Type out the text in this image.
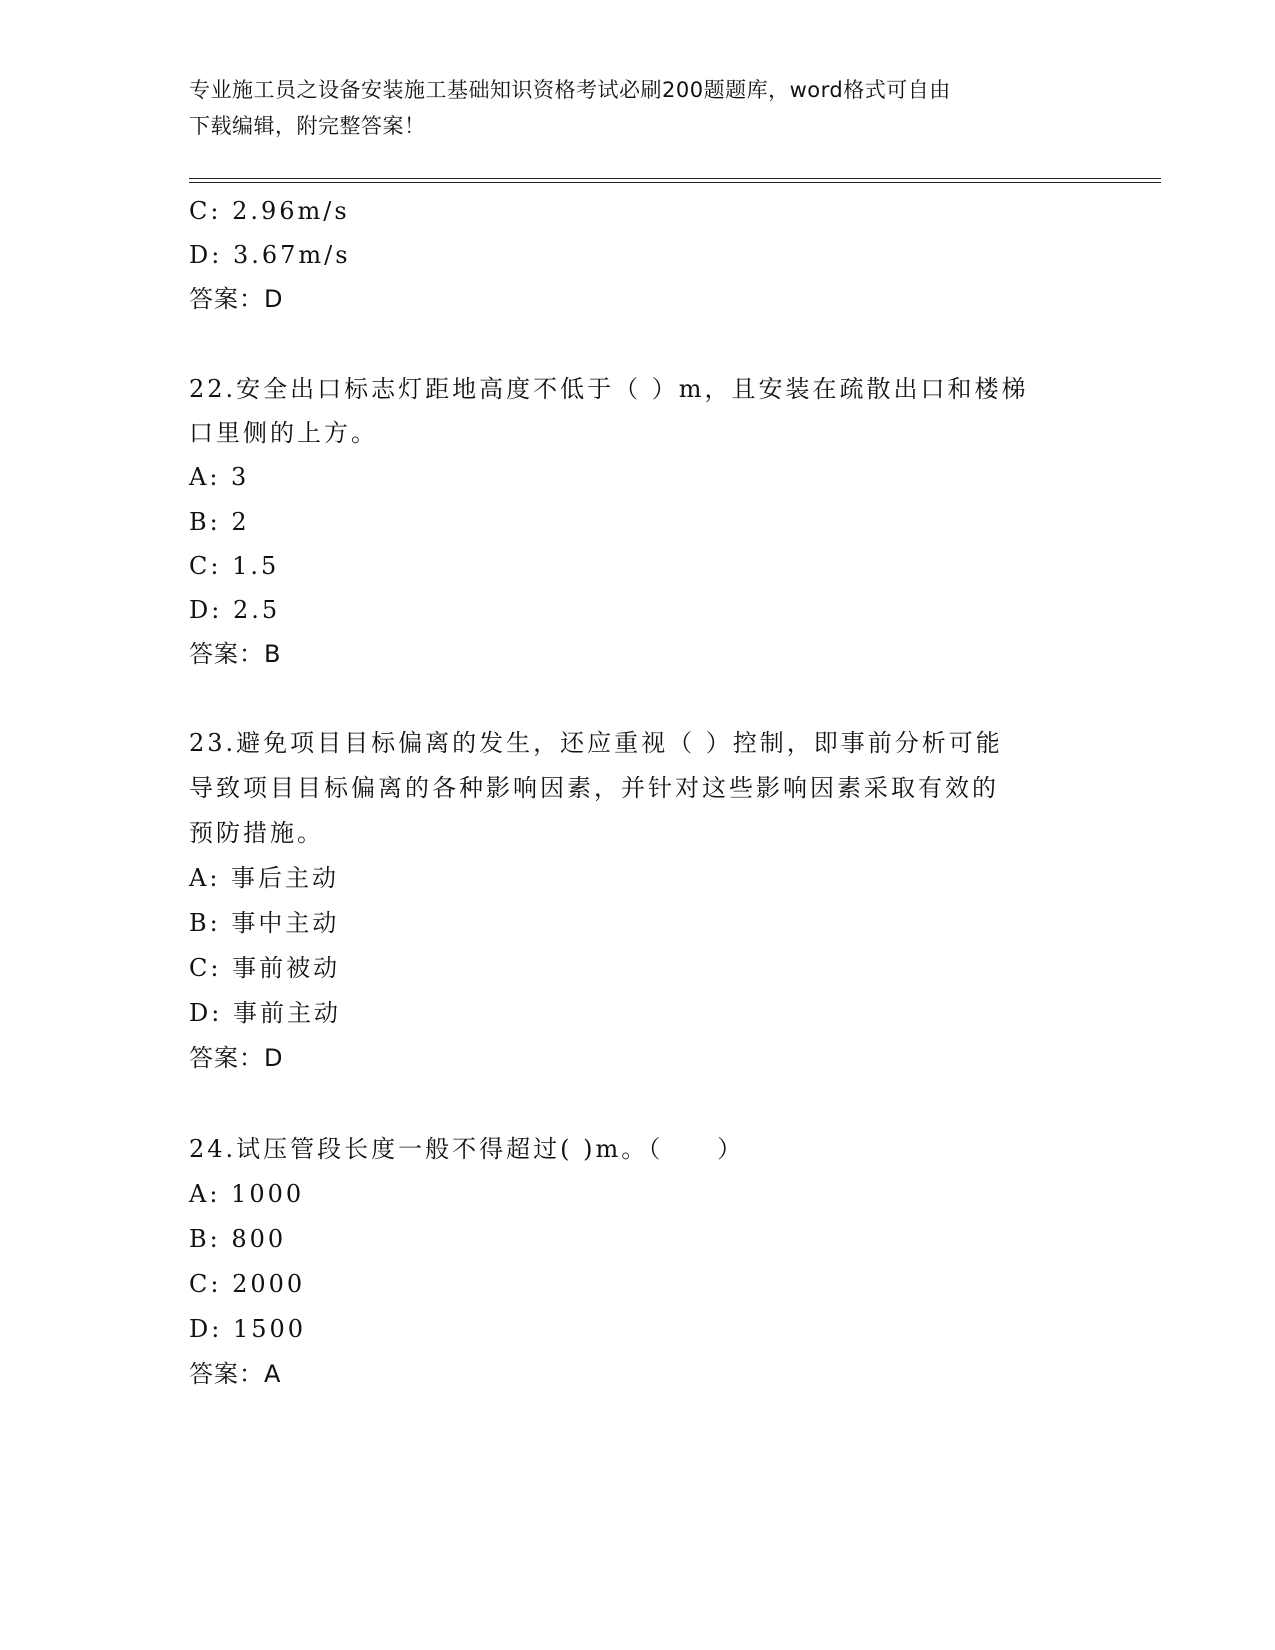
专业施工员之设备安装施工基础知识资格考试必刷200题题库，word格式可自由
下载编辑，附完整答案！
C: 2.96m/s
D: 3.67m/s
答案：D
22.安全出口标志灯距地高度不低于（ ）m，且安装在疏散出口和楼梯
口里侧的上方。
A: 3
B: 2
C: 1.5
D: 2.5
答案：B
23.避免项目目标偏离的发生，还应重视（ ）控制，即事前分析可能
导致项目目标偏离的各种影响因素，并针对这些影响因素采取有效的
预防措施。
A: 事后主动
B: 事中主动
C: 事前被动
D: 事前主动
答案：D
24.试压管段长度一般不得超过( )m。（　　）
A: 1000
B: 800
C: 2000
D: 1500
答案：A
